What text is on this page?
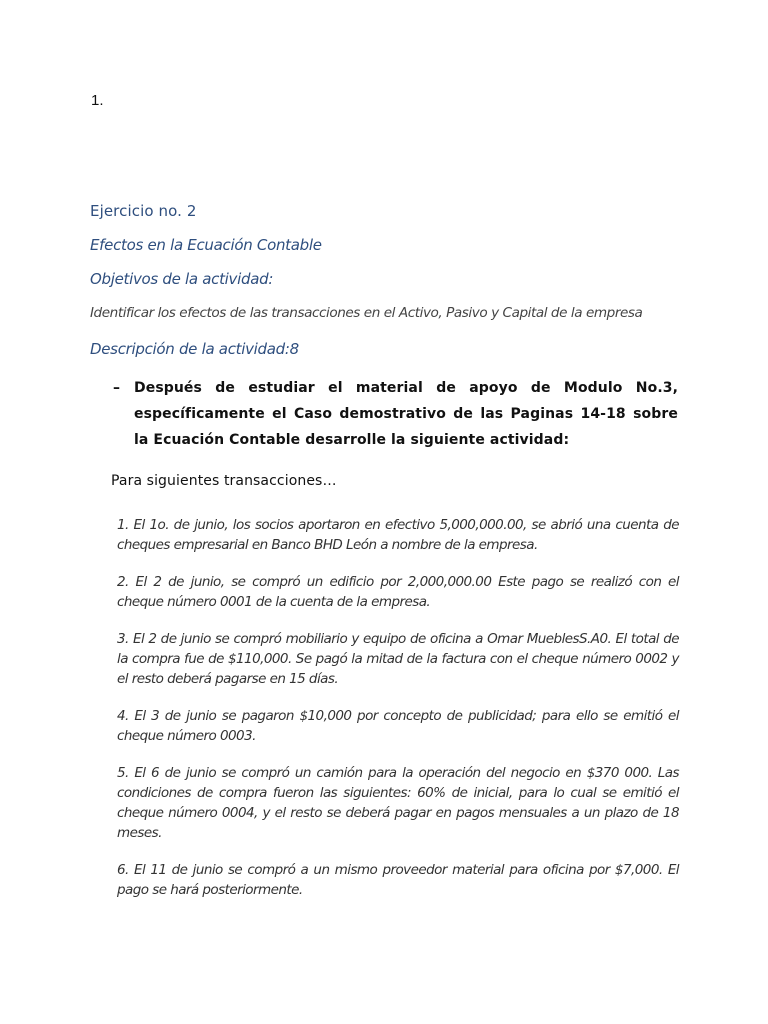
1.
Ejercicio no. 2
Efectos en la Ecuación Contable
Objetivos de la actividad:
Identificar los efectos de las transacciones en el Activo, Pasivo y Capital de la empresa
Descripción de la actividad:8
– Después de estudiar el material de apoyo de Modulo No.3, específicamente el Caso demostrativo de las Paginas 14-18 sobre la Ecuación Contable desarrolle la siguiente actividad:
Para siguientes transacciones…

1. El 1o. de junio, los socios aportaron en efectivo 5,000,000.00, se abrió una cuenta de cheques empresarial en Banco BHD León a nombre de la empresa.

2. El 2 de junio, se compró un edificio por 2,000,000.00 Este pago se realizó con el cheque número 0001 de la cuenta de la empresa.

3. El 2 de junio se compró mobiliario y equipo de oficina a Omar MueblesS.A0. El total de la compra fue de $110,000. Se pagó la mitad de la factura con el cheque número 0002 y el resto deberá pagarse en 15 días.

4. El 3 de junio se pagaron $10,000 por concepto de publicidad; para ello se emitió el cheque número 0003.

5. El 6 de junio se compró un camión para la operación del negocio en $370 000. Las condiciones de compra fueron las siguientes: 60% de inicial, para lo cual se emitió el cheque número 0004, y el resto se deberá pagar en pagos mensuales a un plazo de 18 meses.

6. El 11 de junio se compró a un mismo proveedor material para oficina por $7,000. El pago se hará posteriormente.
